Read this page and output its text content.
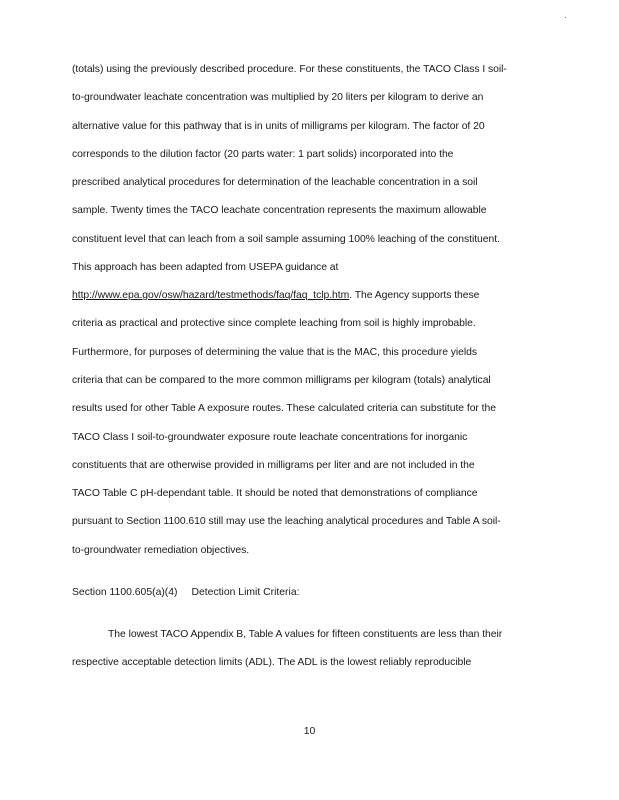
·
(totals) using the previously described procedure. For these constituents, the TACO Class I soil-
to-groundwater leachate concentration was multiplied by 20 liters per kilogram to derive an
alternative value for this pathway that is in units of milligrams per kilogram. The factor of 20
corresponds to the dilution factor (20 parts water: 1 part solids) incorporated into the
prescribed analytical procedures for determination of the leachable concentration in a soil
sample. Twenty times the TACO leachate concentration represents the maximum allowable
constituent level that can leach from a soil sample assuming 100% leaching of the constituent.
This approach has been adapted from USEPA guidance at
http://www.epa.gov/osw/hazard/testmethods/faq/faq_tclp.htm. The Agency supports these
criteria as practical and protective since complete leaching from soil is highly improbable.
Furthermore, for purposes of determining the value that is the MAC, this procedure yields
criteria that can be compared to the more common milligrams per kilogram (totals) analytical
results used for other Table A exposure routes. These calculated criteria can substitute for the
TACO Class I soil-to-groundwater exposure route leachate concentrations for inorganic
constituents that are otherwise provided in milligrams per liter and are not included in the
TACO Table C pH-dependant table. It should be noted that demonstrations of compliance
pursuant to Section 1100.610 still may use the leaching analytical procedures and Table A soil-
to-groundwater remediation objectives.
Section 1100.605(a)(4) Detection Limit Criteria:
The lowest TACO Appendix B, Table A values for fifteen constituents are less than their
respective acceptable detection limits (ADL). The ADL is the lowest reliably reproducible
10
